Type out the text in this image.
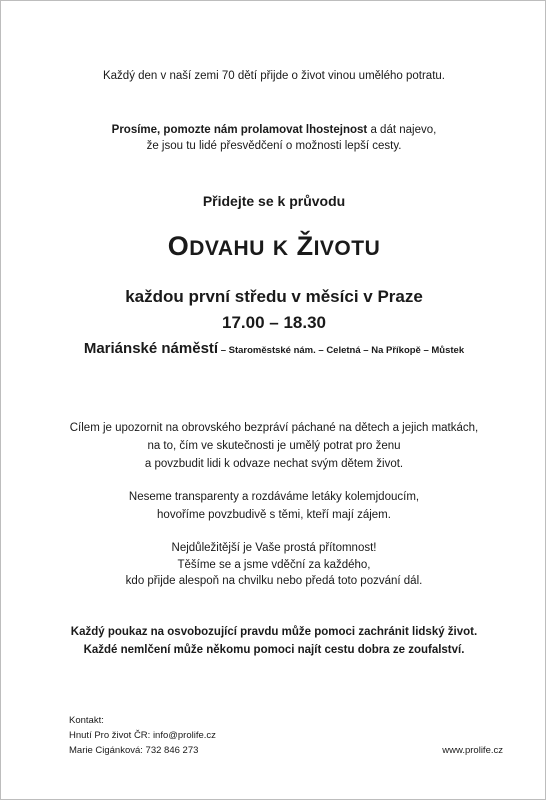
Každý den v naší zemi 70 dětí přijde o život vinou umělého potratu.
Prosíme, pomozte nám prolamovat lhostejnost a dát najevo,
že jsou tu lidé přesvědčení o možnosti lepší cesty.
Přidejte se k průvodu
ODVAHU K ŽIVOTU
každou první středu v měsíci v Praze
17.00 – 18.30
Mariánské náměstí – Staroměstské nám. – Celetná – Na Příkopě – Můstek
Cílem je upozornit na obrovského bezpráví páchané na dětech a jejich matkách,
na to, čím ve skutečnosti je umělý potrat pro ženu
a povzbudit lidi k odvaze nechat svým dětem život.
Neseme transparenty a rozdáváme letáky kolemjdoucím,
hovoříme povzbudivě s těmi, kteří mají zájem.
Nejdůležitější je Vaše prostá přítomnost!
Těšíme se a jsme vděční za každého,
kdo přijde alespoň na chvilku nebo předá toto pozvání dál.
Každý poukaz na osvobozující pravdu může pomoci zachránit lidský život.
Každé nemlčení může někomu pomoci najít cestu dobra ze zoufalství.
Kontakt:
Hnutí Pro život ČR: info@prolife.cz
Marie Cigánková: 732 846 273	www.prolife.cz
